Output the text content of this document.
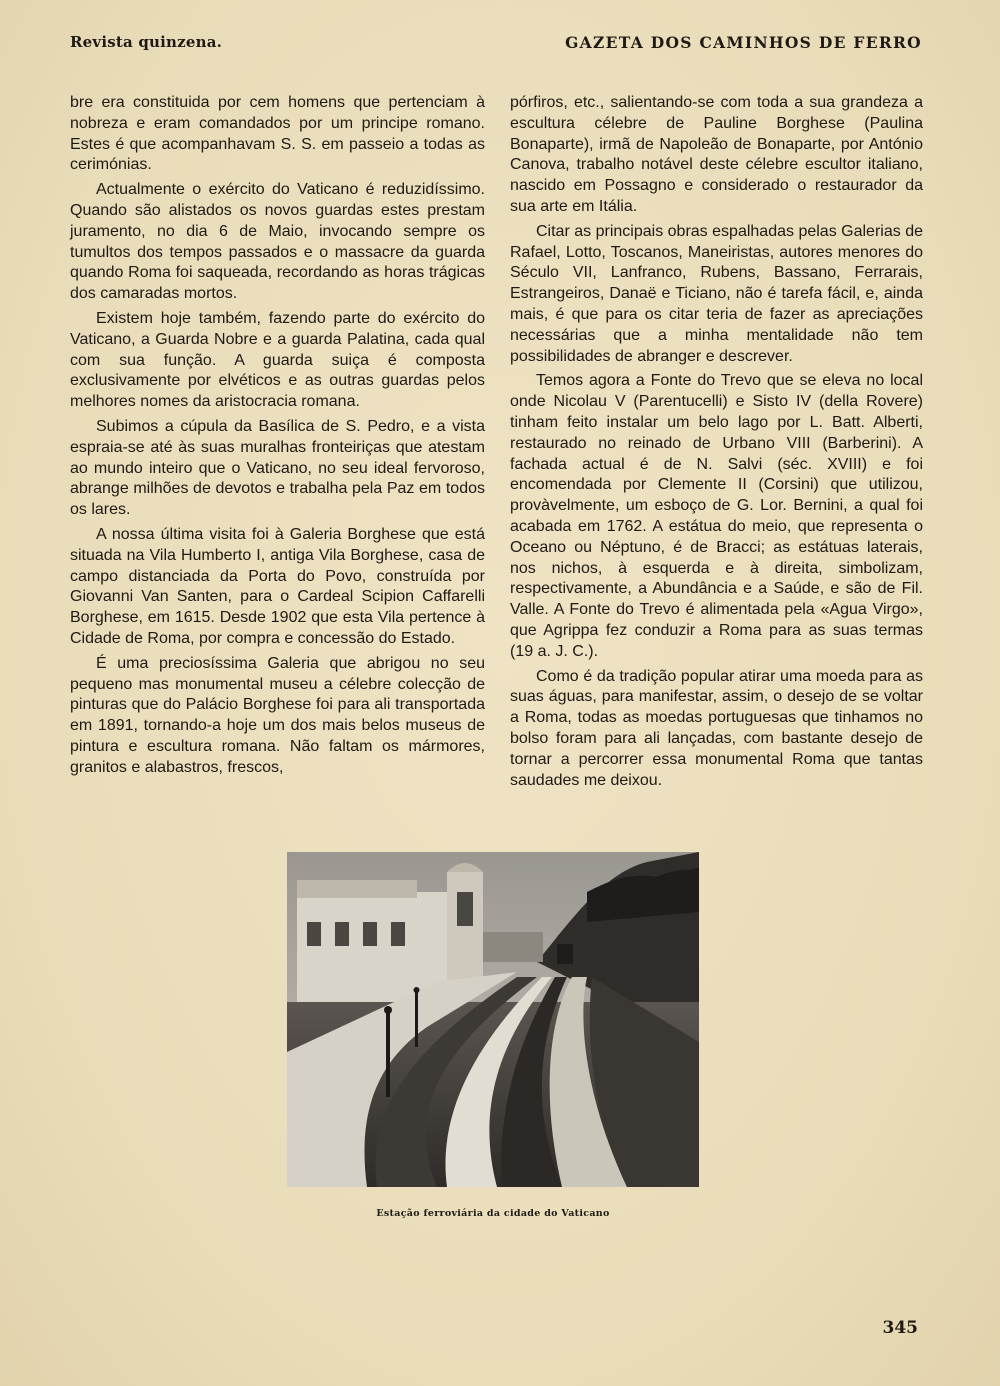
Revista quinzena.	GAZETA DOS CAMINHOS DE FERRO

bre era constituida por cem homens que pertenciam à nobreza e eram comandados por um principe romano. Estes é que acompanhavam S. S. em passeio a todas as cerimónias.

Actualmente o exército do Vaticano é reduzidíssimo. Quando são alistados os novos guardas estes prestam juramento, no dia 6 de Maio, invocando sempre os tumultos dos tempos passados e o massacre da guarda quando Roma foi saqueada, recordando as horas trágicas dos camaradas mortos.

Existem hoje também, fazendo parte do exército do Vaticano, a Guarda Nobre e a guarda Palatina, cada qual com sua função. A guarda suiça é composta exclusivamente por elvéticos e as outras guardas pelos melhores nomes da aristocracia romana.

Subimos a cúpula da Basílica de S. Pedro, e a vista espraia-se até às suas muralhas fronteiriças que atestam ao mundo inteiro que o Vaticano, no seu ideal fervoroso, abrange milhões de devotos e trabalha pela Paz em todos os lares.

A nossa última visita foi à Galeria Borghese que está situada na Vila Humberto I, antiga Vila Borghese, casa de campo distanciada da Porta do Povo, construída por Giovanni Van Santen, para o Cardeal Scipion Caffarelli Borghese, em 1615. Desde 1902 que esta Vila pertence à Cidade de Roma, por compra e concessão do Estado.

É uma preciosíssima Galeria que abrigou no seu pequeno mas monumental museu a célebre colecção de pinturas que do Palácio Borghese foi para ali transportada em 1891, tornando-a hoje um dos mais belos museus de pintura e escultura romana. Não faltam os mármores, granitos e alabastros, frescos,

pórfiros, etc., salientando-se com toda a sua grandeza a escultura célebre de Pauline Borghese (Paulina Bonaparte), irmã de Napoleão de Bonaparte, por António Canova, trabalho notável deste célebre escultor italiano, nascido em Possagno e considerado o restaurador da sua arte em Itália.

Citar as principais obras espalhadas pelas Galerias de Rafael, Lotto, Toscanos, Maneiristas, autores menores do Século VII, Lanfranco, Rubens, Bassano, Ferrarais, Estrangeiros, Danaë e Ticiano, não é tarefa fácil, e, ainda mais, é que para os citar teria de fazer as apreciações necessárias que a minha mentalidade não tem possibilidades de abranger e descrever.

Temos agora a Fonte do Trevo que se eleva no local onde Nicolau V (Parentucelli) e Sisto IV (della Rovere) tinham feito instalar um belo lago por L. Batt. Alberti, restaurado no reinado de Urbano VIII (Barberini). A fachada actual é de N. Salvi (séc. XVIII) e foi encomendada por Clemente II (Corsini) que utilizou, provàvelmente, um esboço de G. Lor. Bernini, a qual foi acabada em 1762. A estátua do meio, que representa o Oceano ou Néptuno, é de Bracci; as estátuas laterais, nos nichos, à esquerda e à direita, simbolizam, respectivamente, a Abundância e a Saúde, e são de Fil. Valle. A Fonte do Trevo é alimentada pela «Agua Virgo», que Agrippa fez conduzir a Roma para as suas termas (19 a. J. C.).

Como é da tradição popular atirar uma moeda para as suas águas, para manifestar, assim, o desejo de se voltar a Roma, todas as moedas portuguesas que tinhamos no bolso foram para ali lançadas, com bastante desejo de tornar a percorrer essa monumental Roma que tantas saudades me deixou.

Estação ferroviária da cidade do Vaticano
345
